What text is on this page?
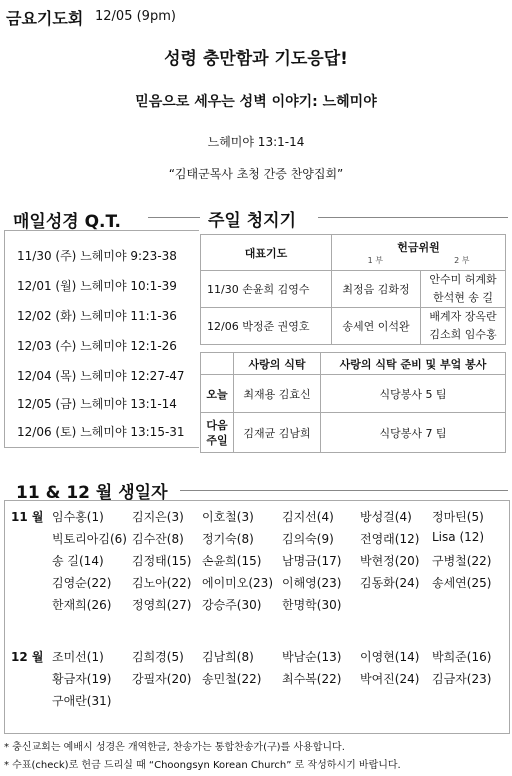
금요기도회 12/05 (9pm)
성령 충만함과 기도응답!
믿음으로 세우는 성벽 이야기: 느헤미야
느헤미야 13:1-14
“김태군목사 초청 간증 찬양집회”
매일성경 Q.T.
11/30 (주) 느헤미야 9:23-38
12/01 (월) 느헤미야 10:1-39
12/02 (화) 느헤미야 11:1-36
12/03 (수) 느헤미야 12:1-26
12/04 (목) 느헤미야 12:27-47
12/05 (금) 느헤미야 13:1-14
12/06 (토) 느헤미야 13:15-31
주일 청지기
대표기도	헌금위원
1 부 2 부	

11/30 손윤희 김영수	최정음 김화정	안수미 허계화 한석현 송 길
12/06 박정준 권영호	송세연 이석완	배계자 장옥란 김소희 임수홍
	사랑의 식탁	사랑의 식탁 준비 및 부엌 봉사
오늘	최재용 김효신	식당봉사 5 팀
다음 주일	김재균 김남희	식당봉사 7 팀
11 & 12 월 생일자
11 월
12 월
임수홍(1) 김지은(3) 이호철(3) 김지선(4) 방성걸(4) 정마틴(5)
빅토리아김(6) 김수잔(8) 정기숙(8) 김의숙(9) 전영래(12) Lisa (12)
송 길(14) 김정태(15) 손윤희(15) 남명금(17) 박현정(20) 구병철(22)
김영순(22) 김노아(22) 에이미오(23) 이해영(23) 김동화(24) 송세연(25)
한재희(26) 정영희(27) 강승주(30) 한명학(30)
조미선(1) 김희경(5) 김남희(8) 박남순(13) 이영현(14) 박희준(16)
황금자(19) 강필자(20) 송민철(22) 최수복(22) 박여진(24) 김금자(23)
구애란(31)
* 충신교회는 예배시 성경은 개역한글, 찬송가는 통합찬송가(구)를 사용합니다.
* 수표(check)로 헌금 드리실 때 “Choongsyn Korean Church” 로 작성하시기 바랍니다.
